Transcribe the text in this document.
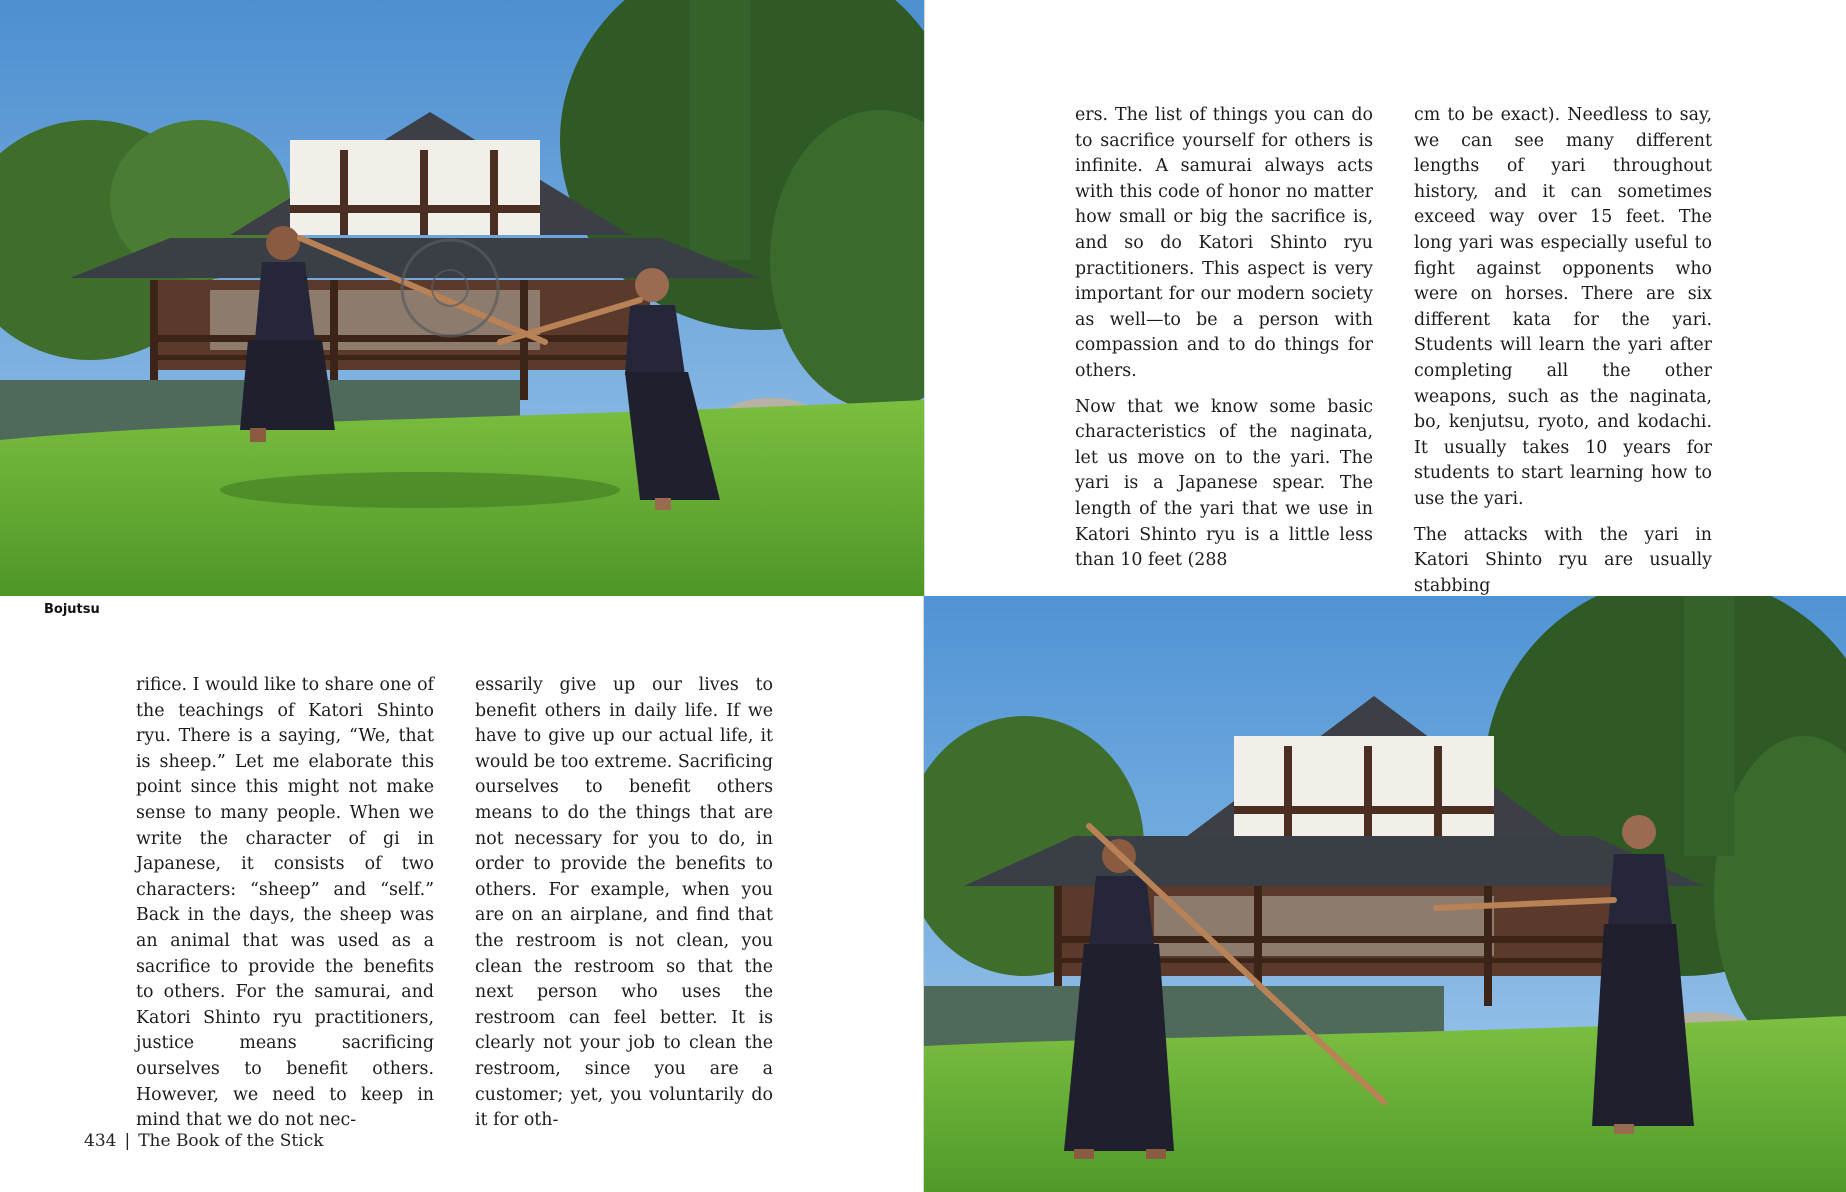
Bojutsu

rifice. I would like to share one of the teachings of Katori Shinto ryu. There is a saying, “We, that is sheep.” Let me elaborate this point since this might not make sense to many people. When we write the character of gi in Japanese, it consists of two characters: “sheep” and “self.” Back in the days, the sheep was an animal that was used as a sacrifice to provide the benefits to others. For the samurai, and Katori Shinto ryu practitioners, justice means sacrificing ourselves to benefit others. However, we need to keep in mind that we do not nec-

essarily give up our lives to benefit others in daily life. If we have to give up our actual life, it would be too extreme. Sacrificing ourselves to benefit others means to do the things that are not necessary for you to do, in order to provide the benefits to others. For example, when you are on an airplane, and find that the restroom is not clean, you clean the restroom so that the next person who uses the restroom can feel better. It is clearly not your job to clean the restroom, since you are a customer; yet, you voluntarily do it for oth-

ers. The list of things you can do to sacrifice yourself for others is infinite. A samurai always acts with this code of honor no matter how small or big the sacrifice is, and so do Katori Shinto ryu practitioners. This aspect is very important for our modern society as well—to be a person with compassion and to do things for others.

Now that we know some basic characteristics of the naginata, let us move on to the yari. The yari is a Japanese spear. The length of the yari that we use in Katori Shinto ryu is a little less than 10 feet (288

cm to be exact). Needless to say, we can see many different lengths of yari throughout history, and it can sometimes exceed way over 15 feet. The long yari was especially useful to fight against opponents who were on horses. There are six different kata for the yari. Students will learn the yari after completing all the other weapons, such as the naginata, bo, kenjutsu, ryoto, and kodachi. It usually takes 10 years for students to start learning how to use the yari.

The attacks with the yari in Katori Shinto ryu are usually stabbing

434 | The Book of the Stick
